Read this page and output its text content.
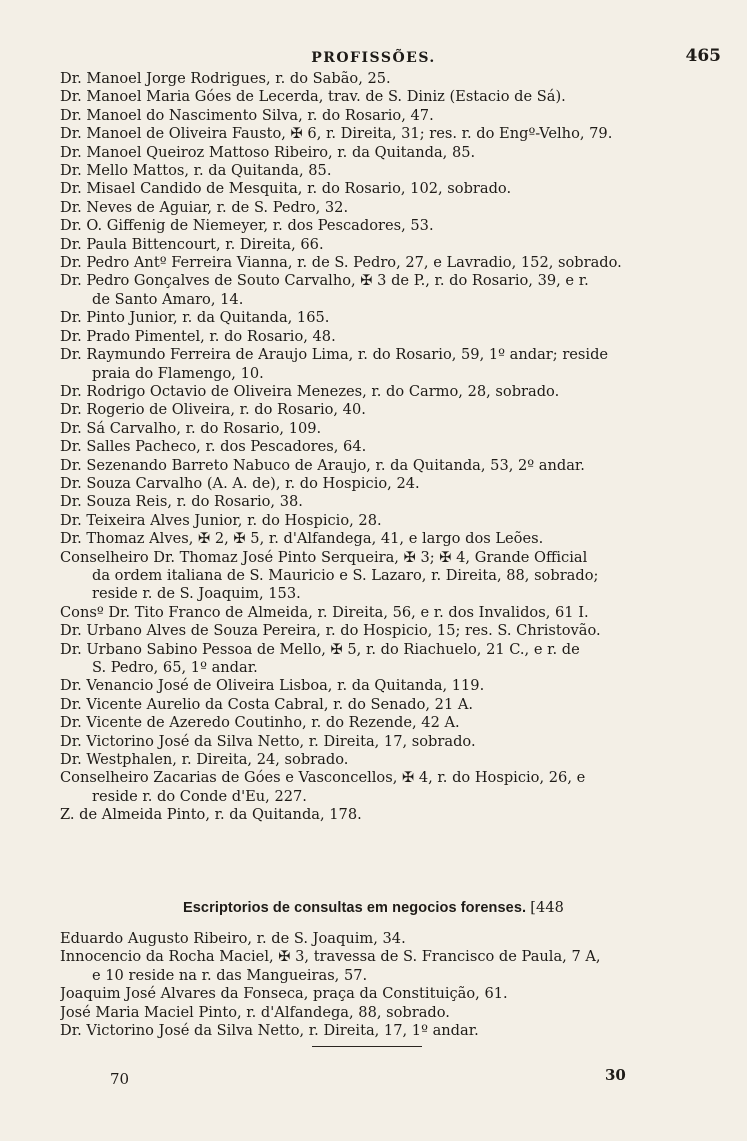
PROFISSÕES.	465
Dr. Manoel Jorge Rodrigues, r. do Sabão, 25.
Dr. Manoel Maria Góes de Lecerda, trav. de S. Diniz (Estacio de Sá).
Dr. Manoel do Nascimento Silva, r. do Rosario, 47.
Dr. Manoel de Oliveira Fausto, ✠ 6, r. Direita, 31; res. r. do Engº-Velho, 79.
Dr. Manoel Queiroz Mattoso Ribeiro, r. da Quitanda, 85.
Dr. Mello Mattos, r. da Quitanda, 85.
Dr. Misael Candido de Mesquita, r. do Rosario, 102, sobrado.
Dr. Neves de Aguiar, r. de S. Pedro, 32.
Dr. O. Giffenig de Niemeyer, r. dos Pescadores, 53.
Dr. Paula Bittencourt, r. Direita, 66.
Dr. Pedro Antº Ferreira Vianna, r. de S. Pedro, 27, e Lavradio, 152, sobrado.
Dr. Pedro Gonçalves de Souto Carvalho, ✠ 3 de P., r. do Rosario, 39, e r.
de Santo Amaro, 14.
Dr. Pinto Junior, r. da Quitanda, 165.
Dr. Prado Pimentel, r. do Rosario, 48.
Dr. Raymundo Ferreira de Araujo Lima, r. do Rosario, 59, 1º andar; reside
praia do Flamengo, 10.
Dr. Rodrigo Octavio de Oliveira Menezes, r. do Carmo, 28, sobrado.
Dr. Rogerio de Oliveira, r. do Rosario, 40.
Dr. Sá Carvalho, r. do Rosario, 109.
Dr. Salles Pacheco, r. dos Pescadores, 64.
Dr. Sezenando Barreto Nabuco de Araujo, r. da Quitanda, 53, 2º andar.
Dr. Souza Carvalho (A. A. de), r. do Hospicio, 24.
Dr. Souza Reis, r. do Rosario, 38.
Dr. Teixeira Alves Junior, r. do Hospicio, 28.
Dr. Thomaz Alves, ✠ 2, ✠ 5, r. d'Alfandega, 41, e largo dos Leões.
Conselheiro Dr. Thomaz José Pinto Serqueira, ✠ 3; ✠ 4, Grande Official
da ordem italiana de S. Mauricio e S. Lazaro, r. Direita, 88, sobrado;
reside r. de S. Joaquim, 153.
Consº Dr. Tito Franco de Almeida, r. Direita, 56, e r. dos Invalidos, 61 I.
Dr. Urbano Alves de Souza Pereira, r. do Hospicio, 15; res. S. Christovão.
Dr. Urbano Sabino Pessoa de Mello, ✠ 5, r. do Riachuelo, 21 C., e r. de
S. Pedro, 65, 1º andar.
Dr. Venancio José de Oliveira Lisboa, r. da Quitanda, 119.
Dr. Vicente Aurelio da Costa Cabral, r. do Senado, 21 A.
Dr. Vicente de Azeredo Coutinho, r. do Rezende, 42 A.
Dr. Victorino José da Silva Netto, r. Direita, 17, sobrado.
Dr. Westphalen, r. Direita, 24, sobrado.
Conselheiro Zacarias de Góes e Vasconcellos, ✠ 4, r. do Hospicio, 26, e
reside r. do Conde d'Eu, 227.
Z. de Almeida Pinto, r. da Quitanda, 178.
Escriptorios de consultas em negocios forenses. [448
Eduardo Augusto Ribeiro, r. de S. Joaquim, 34.
Innocencio da Rocha Maciel, ✠ 3, travessa de S. Francisco de Paula, 7 A,
e 10 reside na r. das Mangueiras, 57.
Joaquim José Alvares da Fonseca, praça da Constituição, 61.
José Maria Maciel Pinto, r. d'Alfandega, 88, sobrado.
Dr. Victorino José da Silva Netto, r. Direita, 17, 1º andar.
70	30
